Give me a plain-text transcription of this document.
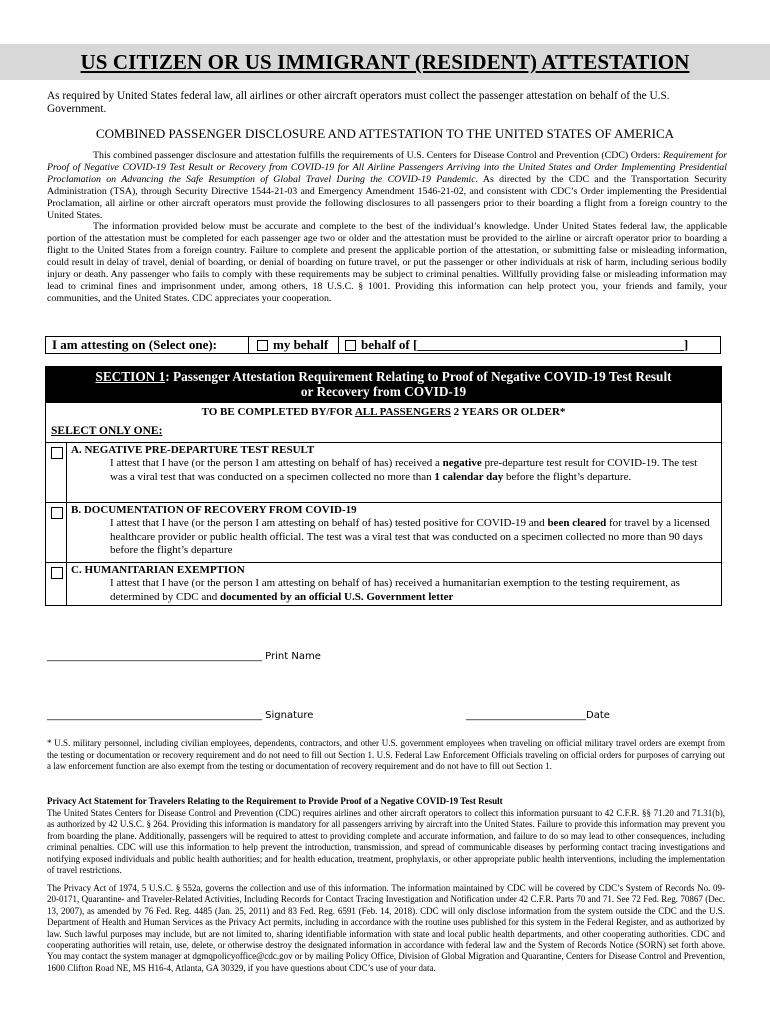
US CITIZEN OR US IMMIGRANT (RESIDENT) ATTESTATION
As required by United States federal law, all airlines or other aircraft operators must collect the passenger attestation on behalf of the U.S. Government.
COMBINED PASSENGER DISCLOSURE AND ATTESTATION TO THE UNITED STATES OF AMERICA

This combined passenger disclosure and attestation fulfills the requirements of U.S. Centers for Disease Control and Prevention (CDC) Orders: Requirement for Proof of Negative COVID-19 Test Result or Recovery from COVID-19 for All Airline Passengers Arriving into the United States and Order Implementing Presidential Proclamation on Advancing the Safe Resumption of Global Travel During the COVID-19 Pandemic. As directed by the CDC and the Transportation Security Administration (TSA), through Security Directive 1544-21-03 and Emergency Amendment 1546-21-02, and consistent with CDC’s Order implementing the Presidential Proclamation, all airline or other aircraft operators must provide the following disclosures to all passengers prior to their boarding a flight from a foreign country to the United States.

The information provided below must be accurate and complete to the best of the individual’s knowledge. Under United States federal law, the applicable portion of the attestation must be completed for each passenger age two or older and the attestation must be provided to the airline or aircraft operator prior to boarding a flight to the United States from a foreign country. Failure to complete and present the applicable portion of the attestation, or submitting false or misleading information, could result in delay of travel, denial of boarding, or denial of boarding on future travel, or put the passenger or other individuals at risk of harm, including serious bodily injury or death. Any passenger who fails to comply with these requirements may be subject to criminal penalties. Willfully providing false or misleading information may lead to criminal fines and imprisonment under, among others, 18 U.S.C. § 1001. Providing this information can help protect you, your friends and family, your communities, and the United States. CDC appreciates your cooperation.

I am attesting on (Select one):	my behalf	behalf of [_________________________________________]
SECTION 1: Passenger Attestation Requirement Relating to Proof of Negative COVID-19 Test Result
or Recovery from COVID-19
TO BE COMPLETED BY/FOR ALL PASSENGERS 2 YEARS OR OLDER*
SELECT ONLY ONE:
A. NEGATIVE PRE-DEPARTURE TEST RESULT
I attest that I have (or the person I am attesting on behalf of has) received a negative pre-departure test result for COVID-19. The test was a viral test that was conducted on a specimen collected no more than 1 calendar day before the flight’s departure.
B. DOCUMENTATION OF RECOVERY FROM COVID-19
I attest that I have (or the person I am attesting on behalf of has) tested positive for COVID-19 and been cleared for travel by a licensed healthcare provider or public health official. The test was a viral test that was conducted on a specimen collected no more than 90 days before the flight’s departure
C. HUMANITARIAN EXEMPTION
I attest that I have (or the person I am attesting on behalf of has) received a humanitarian exemption to the testing requirement, as determined by CDC and documented by an official U.S. Government letter
___________________________________________ Print Name
___________________________________________ Signature	________________________Date
* U.S. military personnel, including civilian employees, dependents, contractors, and other U.S. government employees when traveling on official military travel orders are exempt from the testing or documentation or recovery requirement and do not need to fill out Section 1. U.S. Federal Law Enforcement Officials traveling on official orders for purposes of carrying out a law enforcement function are also exempt from the testing or documentation of recovery requirement and do not have to fill out Section 1.
Privacy Act Statement for Travelers Relating to the Requirement to Provide Proof of a Negative COVID-19 Test Result
The United States Centers for Disease Control and Prevention (CDC) requires airlines and other aircraft operators to collect this information pursuant to 42 C.F.R. §§ 71.20 and 71.31(b), as authorized by 42 U.S.C. § 264. Providing this information is mandatory for all passengers arriving by aircraft into the United States. Failure to provide this information may prevent you from boarding the plane. Additionally, passengers will be required to attest to providing complete and accurate information, and failure to do so may lead to other consequences, including criminal penalties. CDC will use this information to help prevent the introduction, transmission, and spread of communicable diseases by performing contact tracing investigations and notifying exposed individuals and public health authorities; and for health education, treatment, prophylaxis, or other appropriate public health interventions, including the implementation of travel restrictions.
The Privacy Act of 1974, 5 U.S.C. § 552a, governs the collection and use of this information. The information maintained by CDC will be covered by CDC’s System of Records No. 09-20-0171, Quarantine- and Traveler-Related Activities, Including Records for Contact Tracing Investigation and Notification under 42 C.F.R. Parts 70 and 71. See 72 Fed. Reg. 70867 (Dec. 13, 2007), as amended by 76 Fed. Reg. 4485 (Jan. 25, 2011) and 83 Fed. Reg. 6591 (Feb. 14, 2018). CDC will only disclose information from the system outside the CDC and the U.S. Department of Health and Human Services as the Privacy Act permits, including in accordance with the routine uses published for this system in the Federal Register, and as authorized by law. Such lawful purposes may include, but are not limited to, sharing identifiable information with state and local public health departments, and other cooperating authorities. CDC and cooperating authorities will retain, use, delete, or otherwise destroy the designated information in accordance with federal law and the System of Records Notice (SORN) set forth above. You may contact the system manager at dgmqpolicyoffice@cdc.gov or by mailing Policy Office, Division of Global Migration and Quarantine, Centers for Disease Control and Prevention, 1600 Clifton Road NE, MS H16-4, Atlanta, GA 30329, if you have questions about CDC’s use of your data.
